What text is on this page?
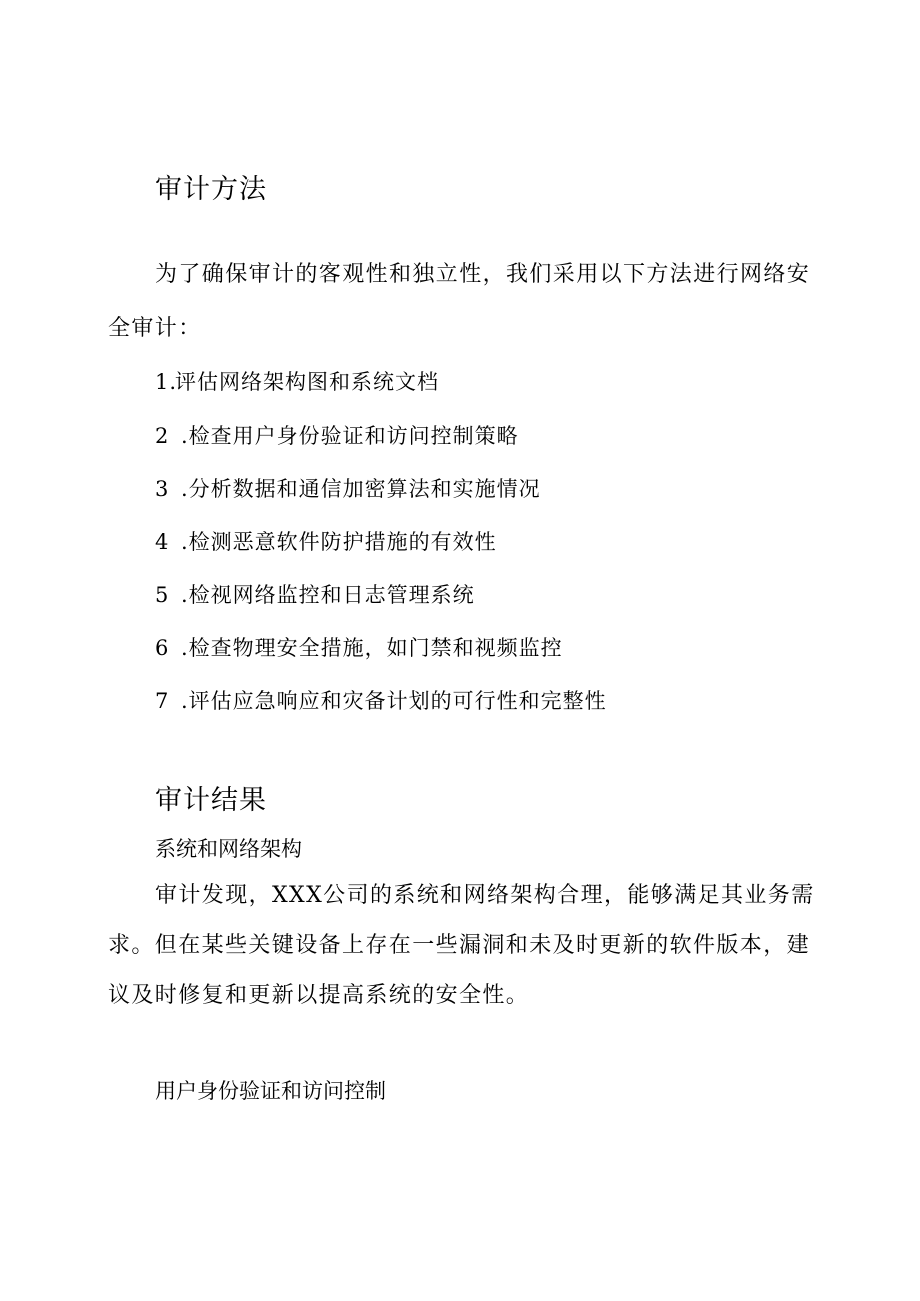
审计方法

为了确保审计的客观性和独立性，我们采用以下方法进行网络安

全审计：

1.评估网络架构图和系统文档
2 .检查用户身份验证和访问控制策略
3 .分析数据和通信加密算法和实施情况
4 .检测恶意软件防护措施的有效性
5 .检视网络监控和日志管理系统
6 .检查物理安全措施，如门禁和视频监控
7 .评估应急响应和灾备计划的可行性和完整性
审计结果
系统和网络架构

审计发现，XXX公司的系统和网络架构合理，能够满足其业务需

求。但在某些关键设备上存在一些漏洞和未及时更新的软件版本，建

议及时修复和更新以提高系统的安全性。

用户身份验证和访问控制
